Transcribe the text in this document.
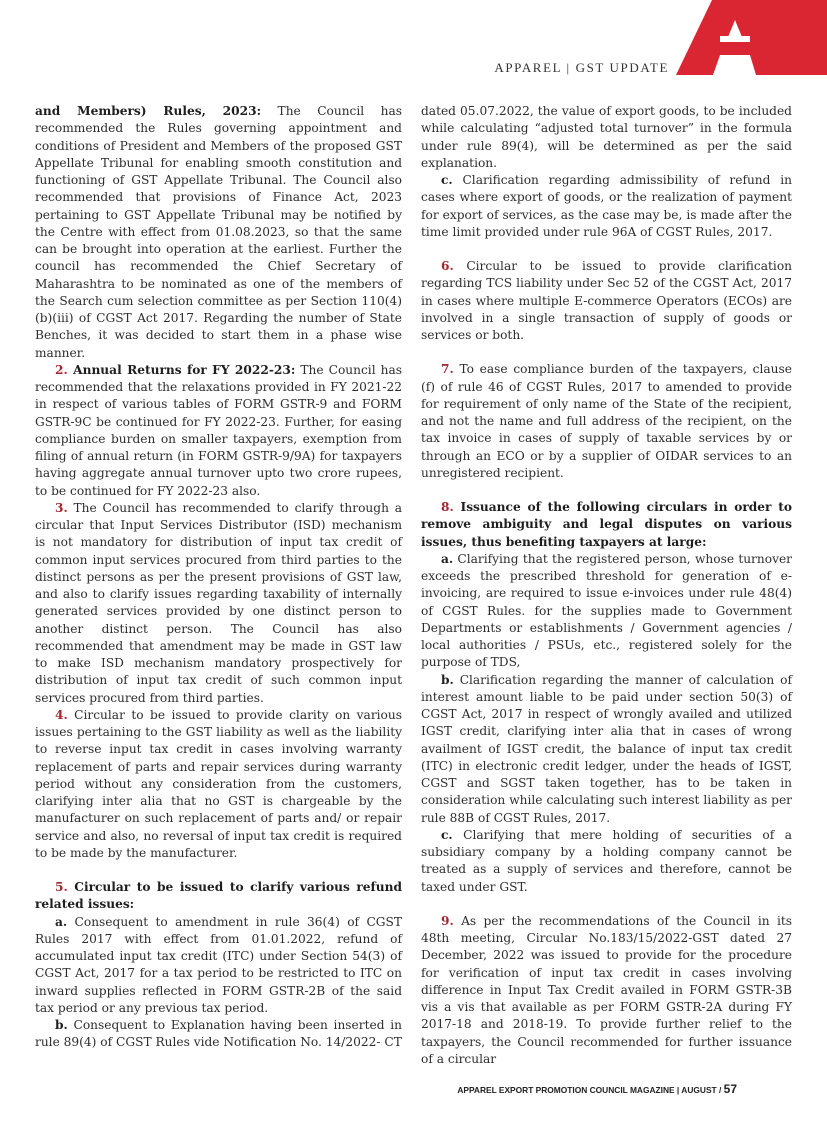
APPAREL | GST UPDATE

and Members) Rules, 2023: The Council has recommended the Rules governing appointment and conditions of President and Members of the proposed GST Appellate Tribunal for enabling smooth constitution and functioning of GST Appellate Tribunal. The Council also recommended that provisions of Finance Act, 2023 pertaining to GST Appellate Tribunal may be notified by the Centre with effect from 01.08.2023, so that the same can be brought into operation at the earliest. Further the council has recommended the Chief Secretary of Maharashtra to be nominated as one of the members of the Search cum selection committee as per Section 110(4)(b)(iii) of CGST Act 2017. Regarding the number of State Benches, it was decided to start them in a phase wise manner.

2. Annual Returns for FY 2022-23: The Council has recommended that the relaxations provided in FY 2021-22 in respect of various tables of FORM GSTR-9 and FORM GSTR-9C be continued for FY 2022-23. Further, for easing compliance burden on smaller taxpayers, exemption from filing of annual return (in FORM GSTR-9/9A) for taxpayers having aggregate annual turnover upto two crore rupees, to be continued for FY 2022-23 also.

3. The Council has recommended to clarify through a circular that Input Services Distributor (ISD) mechanism is not mandatory for distribution of input tax credit of common input services procured from third parties to the distinct persons as per the present provisions of GST law, and also to clarify issues regarding taxability of internally generated services provided by one distinct person to another distinct person. The Council has also recommended that amendment may be made in GST law to make ISD mechanism mandatory prospectively for distribution of input tax credit of such common input services procured from third parties.

4. Circular to be issued to provide clarity on various issues pertaining to the GST liability as well as the liability to reverse input tax credit in cases involving warranty replacement of parts and repair services during warranty period without any consideration from the customers, clarifying inter alia that no GST is chargeable by the manufacturer on such replacement of parts and/ or repair service and also, no reversal of input tax credit is required to be made by the manufacturer.

5. Circular to be issued to clarify various refund related issues:

a. Consequent to amendment in rule 36(4) of CGST Rules 2017 with effect from 01.01.2022, refund of accumulated input tax credit (ITC) under Section 54(3) of CGST Act, 2017 for a tax period to be restricted to ITC on inward supplies reflected in FORM GSTR-2B of the said tax period or any previous tax period.

b. Consequent to Explanation having been inserted in rule 89(4) of CGST Rules vide Notification No. 14/2022- CT

dated 05.07.2022, the value of export goods, to be included while calculating “adjusted total turnover” in the formula under rule 89(4), will be determined as per the said explanation.

c. Clarification regarding admissibility of refund in cases where export of goods, or the realization of payment for export of services, as the case may be, is made after the time limit provided under rule 96A of CGST Rules, 2017.

6. Circular to be issued to provide clarification regarding TCS liability under Sec 52 of the CGST Act, 2017 in cases where multiple E-commerce Operators (ECOs) are involved in a single transaction of supply of goods or services or both.

7. To ease compliance burden of the taxpayers, clause (f) of rule 46 of CGST Rules, 2017 to amended to provide for requirement of only name of the State of the recipient, and not the name and full address of the recipient, on the tax invoice in cases of supply of taxable services by or through an ECO or by a supplier of OIDAR services to an unregistered recipient.

8. Issuance of the following circulars in order to remove ambiguity and legal disputes on various issues, thus benefiting taxpayers at large:

a. Clarifying that the registered person, whose turnover exceeds the prescribed threshold for generation of e-invoicing, are required to issue e-invoices under rule 48(4) of CGST Rules. for the supplies made to Government Departments or establishments / Government agencies / local authorities / PSUs, etc., registered solely for the purpose of TDS,

b. Clarification regarding the manner of calculation of interest amount liable to be paid under section 50(3) of CGST Act, 2017 in respect of wrongly availed and utilized IGST credit, clarifying inter alia that in cases of wrong availment of IGST credit, the balance of input tax credit (ITC) in electronic credit ledger, under the heads of IGST, CGST and SGST taken together, has to be taken in consideration while calculating such interest liability as per rule 88B of CGST Rules, 2017.

c. Clarifying that mere holding of securities of a subsidiary company by a holding company cannot be treated as a supply of services and therefore, cannot be taxed under GST.

9. As per the recommendations of the Council in its 48th meeting, Circular No.183/15/2022-GST dated 27 December, 2022 was issued to provide for the procedure for verification of input tax credit in cases involving difference in Input Tax Credit availed in FORM GSTR-3B vis a vis that available as per FORM GSTR-2A during FY 2017-18 and 2018-19. To provide further relief to the taxpayers, the Council recommended for further issuance of a circular

APPAREL EXPORT PROMOTION COUNCIL MAGAZINE | AUGUST / 57
